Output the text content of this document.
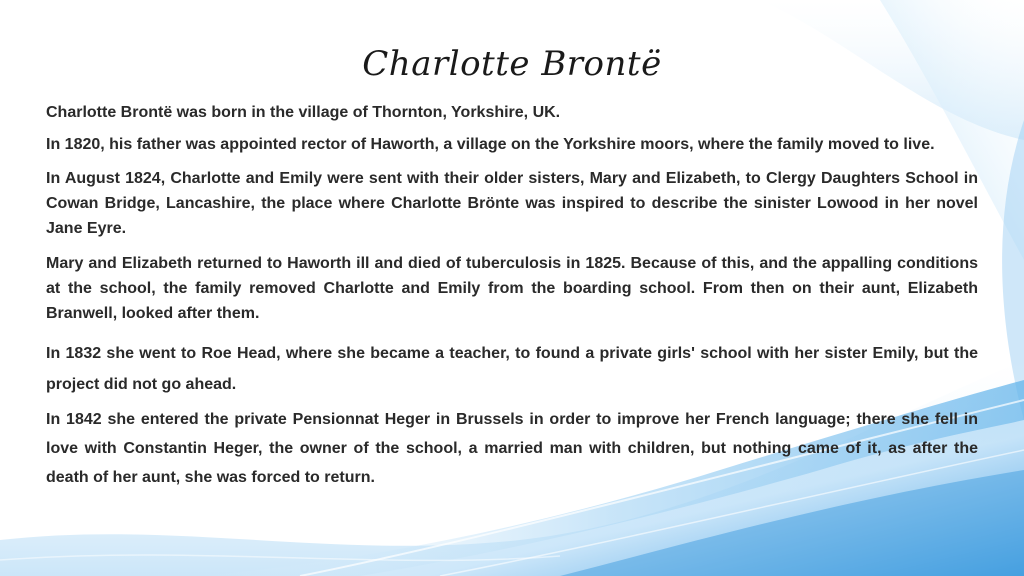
Charlotte Brontë

Charlotte Brontë was born in the village of Thornton, Yorkshire, UK.

In 1820, his father was appointed rector of Haworth, a village on the Yorkshire moors, where the family moved to live.

In August 1824, Charlotte and Emily were sent with their older sisters, Mary and Elizabeth, to Clergy Daughters School in Cowan Bridge, Lancashire, the place where Charlotte Brönte was inspired to describe the sinister Lowood in her novel Jane Eyre.

Mary and Elizabeth returned to Haworth ill and died of tuberculosis in 1825. Because of this, and the appalling conditions at the school, the family removed Charlotte and Emily from the boarding school. From then on their aunt, Elizabeth Branwell, looked after them.

In 1832 she went to Roe Head, where she became a teacher, to found a private girls' school with her sister Emily, but the project did not go ahead.

In 1842 she entered the private Pensionnat Heger in Brussels in order to improve her French language; there she fell in love with Constantin Heger, the owner of the school, a married man with children, but nothing came of it, as after the death of her aunt, she was forced to return.
